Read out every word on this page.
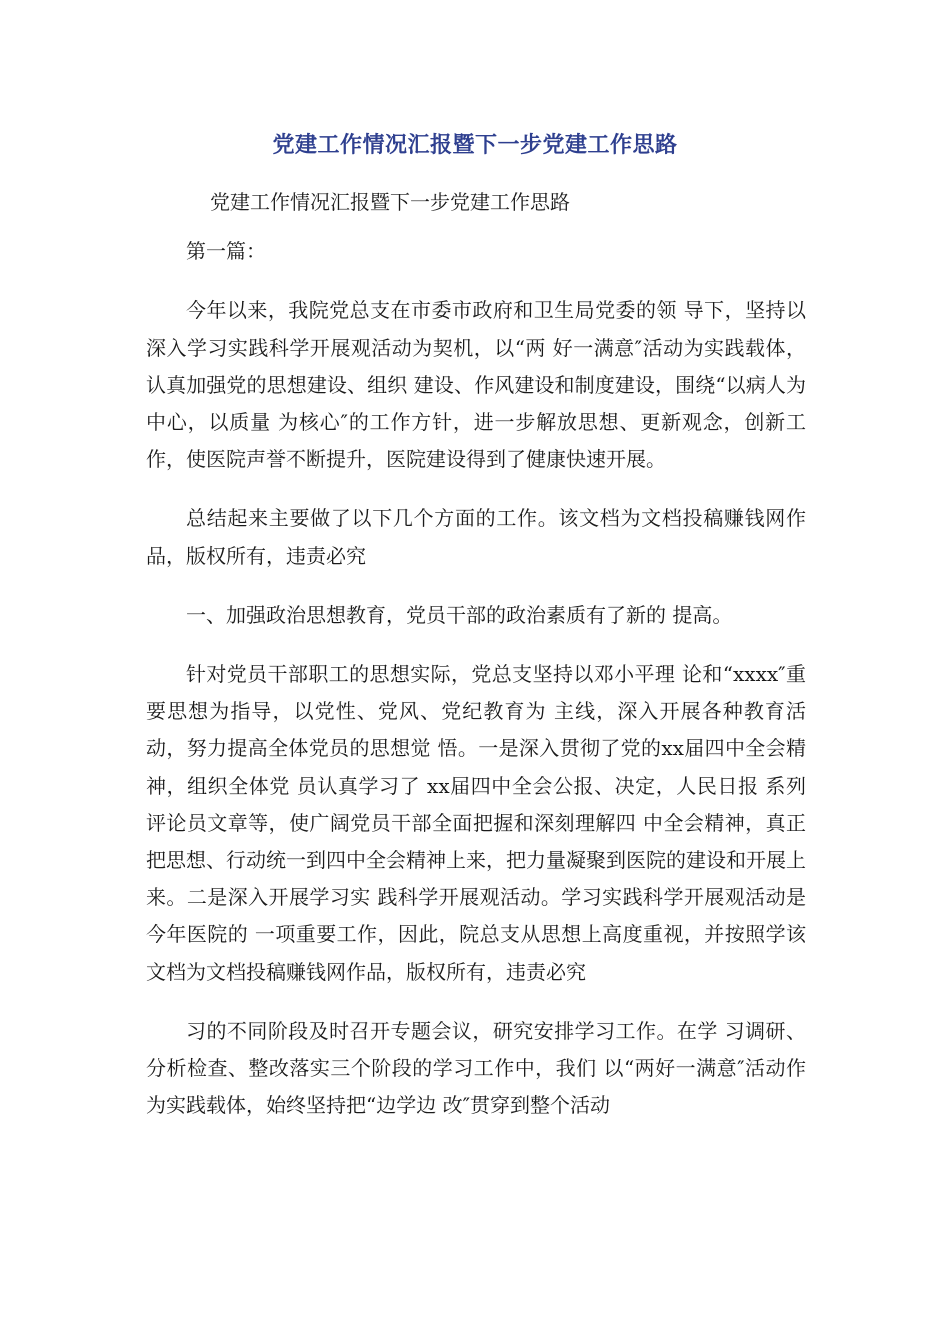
党建工作情况汇报暨下一步党建工作思路

党建工作情况汇报暨下一步党建工作思路

第一篇：

今年以来，我院党总支在市委市政府和卫生局党委的领 导下，坚持以深入学习实践科学开展观活动为契机，以“两 好一满意″活动为实践载体，认真加强党的思想建设、组织 建设、作风建设和制度建设，围绕“以病人为中心，以质量 为核心″的工作方针，进一步解放思想、更新观念，创新工 作，使医院声誉不断提升，医院建设得到了健康快速开展。

总结起来主要做了以下几个方面的工作。该文档为文档投稿赚钱网作品，版权所有，违责必究

一、加强政治思想教育，党员干部的政治素质有了新的 提高。

针对党员干部职工的思想实际，党总支坚持以邓小平理 论和“xxxx″重要思想为指导，以党性、党风、党纪教育为 主线，深入开展各种教育活动，努力提高全体党员的思想觉 悟。一是深入贯彻了党的xx届四中全会精神，组织全体党 员认真学习了 xx届四中全会公报、决定，人民日报 系列评论员文章等，使广阔党员干部全面把握和深刻理解四 中全会精神，真正把思想、行动统一到四中全会精神上来，把力量凝聚到医院的建设和开展上来。二是深入开展学习实 践科学开展观活动。学习实践科学开展观活动是今年医院的 一项重要工作，因此，院总支从思想上高度重视，并按照学该文档为文档投稿赚钱网作品，版权所有，违责必究

习的不同阶段及时召开专题会议，研究安排学习工作。在学 习调研、分析检查、整改落实三个阶段的学习工作中，我们 以“两好一满意″活动作为实践载体，始终坚持把“边学边 改″贯穿到整个活动
